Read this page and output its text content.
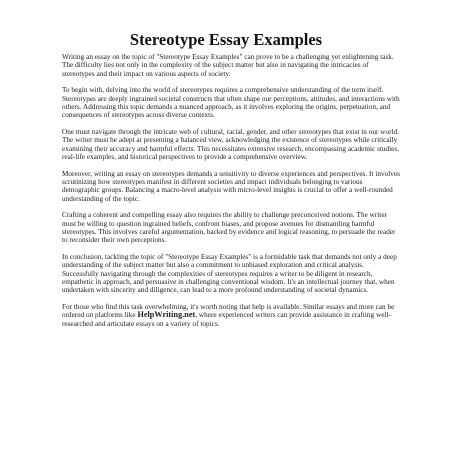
Stereotype Essay Examples

Writing an essay on the topic of "Stereotype Essay Examples" can prove to be a challenging yet enlightening task. The difficulty lies not only in the complexity of the subject matter but also in navigating the intricacies of stereotypes and their impact on various aspects of society.

To begin with, delving into the world of stereotypes requires a comprehensive understanding of the term itself. Stereotypes are deeply ingrained societal constructs that often shape our perceptions, attitudes, and interactions with others. Addressing this topic demands a nuanced approach, as it involves exploring the origins, perpetuation, and consequences of stereotypes across diverse contexts.

One must navigate through the intricate web of cultural, racial, gender, and other stereotypes that exist in our world. The writer must be adept at presenting a balanced view, acknowledging the existence of stereotypes while critically examining their accuracy and harmful effects. This necessitates extensive research, encompassing academic studies, real-life examples, and historical perspectives to provide a comprehensive overview.

Moreover, writing an essay on stereotypes demands a sensitivity to diverse experiences and perspectives. It involves scrutinizing how stereotypes manifest in different societies and impact individuals belonging to various demographic groups. Balancing a macro-level analysis with micro-level insights is crucial to offer a well-rounded understanding of the topic.

Crafting a coherent and compelling essay also requires the ability to challenge preconceived notions. The writer must be willing to question ingrained beliefs, confront biases, and propose avenues for dismantling harmful stereotypes. This involves careful argumentation, backed by evidence and logical reasoning, to persuade the reader to reconsider their own perceptions.

In conclusion, tackling the topic of "Stereotype Essay Examples" is a formidable task that demands not only a deep understanding of the subject matter but also a commitment to unbiased exploration and critical analysis. Successfully navigating through the complexities of stereotypes requires a writer to be diligent in research, empathetic in approach, and persuasive in challenging conventional wisdom. It's an intellectual journey that, when undertaken with sincerity and diligence, can lead to a more profound understanding of societal dynamics.

For those who find this task overwhelming, it's worth noting that help is available. Similar essays and more can be ordered on platforms like HelpWriting.net, where experienced writers can provide assistance in crafting well-researched and articulate essays on a variety of topics.
